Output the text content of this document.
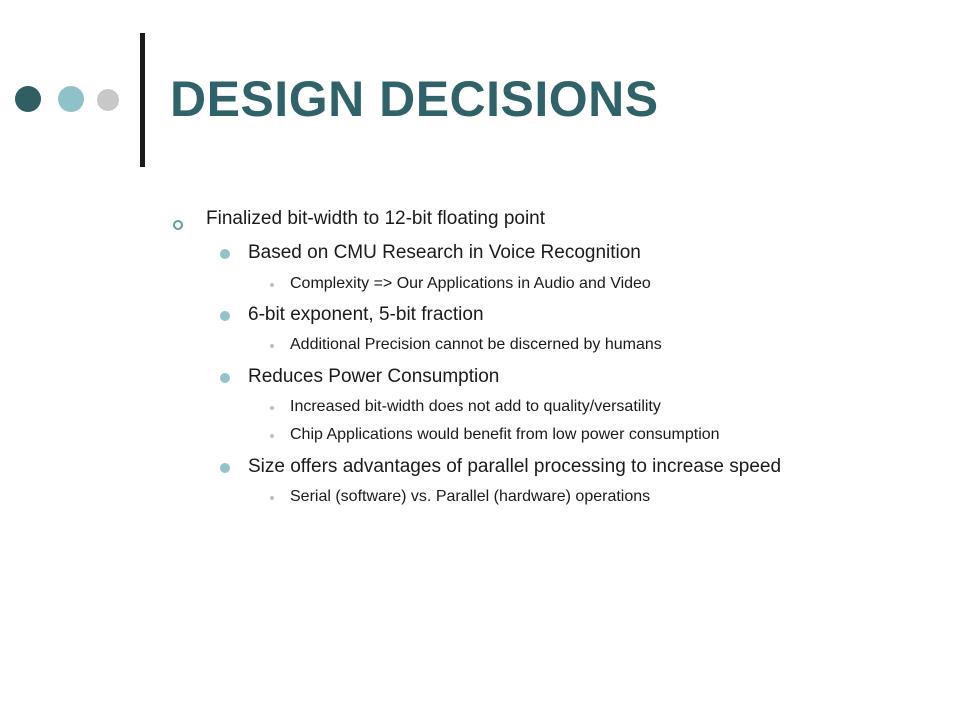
DESIGN DECISIONS
Finalized bit-width to 12-bit floating point
Based on CMU Research in Voice Recognition
Complexity => Our Applications in Audio and Video
6-bit exponent, 5-bit fraction
Additional Precision cannot be discerned by humans
Reduces Power Consumption
Increased bit-width does not add to quality/versatility
Chip Applications would benefit from low power consumption
Size offers advantages of parallel processing to increase speed
Serial (software) vs. Parallel (hardware) operations
